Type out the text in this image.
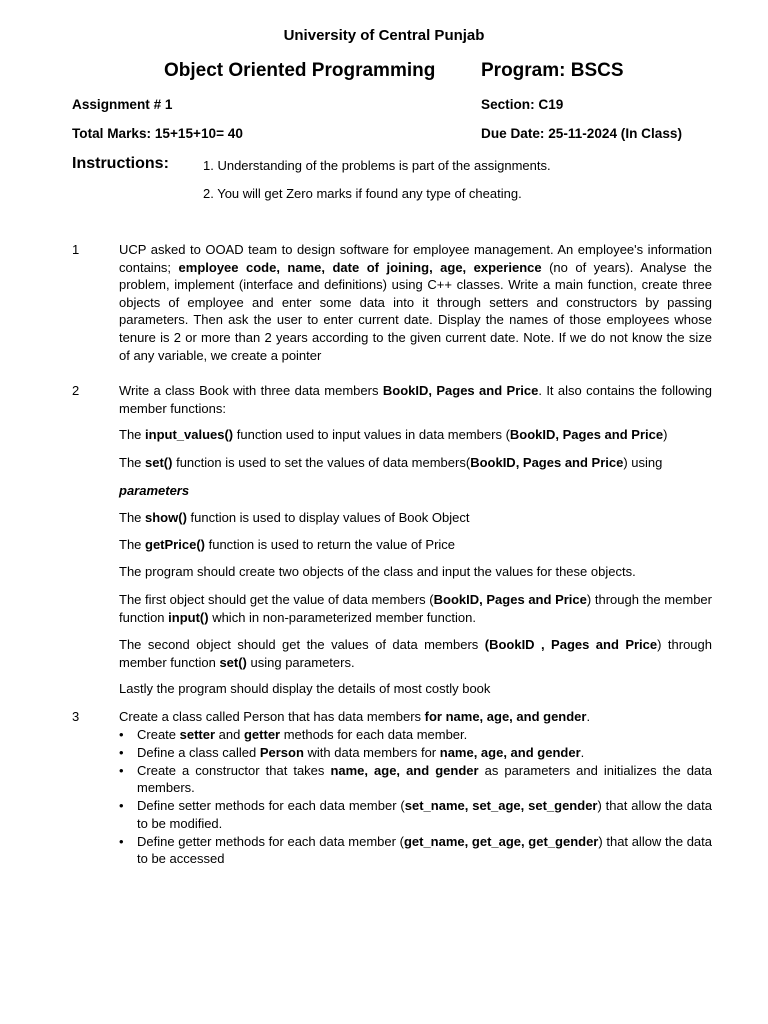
University of Central Punjab
Object Oriented Programming Program: BSCS
Assignment # 1	Section: C19
Total Marks: 15+15+10= 40	Due Date: 25-11-2024 (In Class)
Instructions:	1. Understanding of the problems is part of the assignments.
2. You will get Zero marks if found any type of cheating.
1	UCP asked to OOAD team to design software for employee management. An employee's information contains; employee code, name, date of joining, age, experience (no of years). Analyse the problem, implement (interface and definitions) using C++ classes. Write a main function, create three objects of employee and enter some data into it through setters and constructors by passing parameters. Then ask the user to enter current date. Display the names of those employees whose tenure is 2 or more than 2 years according to the given current date. Note. If we do not know the size of any variable, we create a pointer
2	Write a class Book with three data members BookID, Pages and Price. It also contains the following member functions:
The input_values() function used to input values in data members (BookID, Pages and Price)
The set() function is used to set the values of data members(BookID, Pages and Price) using
parameters
The show() function is used to display values of Book Object
The getPrice() function is used to return the value of Price
The program should create two objects of the class and input the values for these objects.
The first object should get the value of data members (BookID, Pages and Price) through the member function input() which in non-parameterized member function.
The second object should get the values of data members (BookID , Pages and Price) through member function set() using parameters.
Lastly the program should display the details of most costly book
3	Create a class called Person that has data members for name, age, and gender.
• Create setter and getter methods for each data member.
• Define a class called Person with data members for name, age, and gender.
• Create a constructor that takes name, age, and gender as parameters and initializes the data members.
• Define setter methods for each data member (set_name, set_age, set_gender) that allow the data to be modified.
• Define getter methods for each data member (get_name, get_age, get_gender) that allow the data to be accessed
